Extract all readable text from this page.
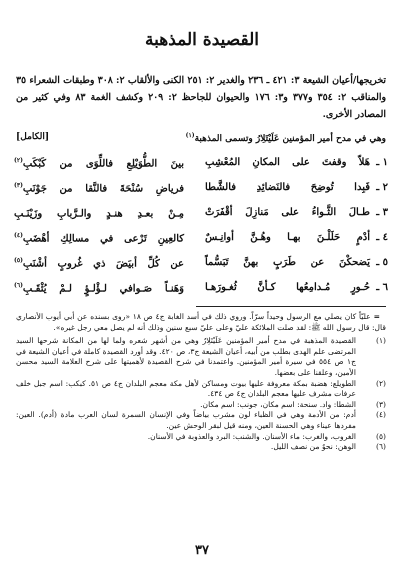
القصيدة المذهبة
تخريجها/أعيان الشيعة ٣: ٤٢١ ـ ٢٣٦ والغدير ٢: ٢٥١ الكنى والألقاب ٢: ٣٠٨ وطبقات الشعراء ٣٥ والمناقب ٢: ٣٥٤ و٣٧٧ و٣: ١٧٦ والحيوان للجاحظ ٢: ٢٠٩ وكشف الغمة ٨٣ وفي كثير من المصادر الأخرى.
وهي في مدح أمير المؤمنين عَلَيْتَلِارُ وتسمى المذهبة$^{(١)}$
[الكامل]
١ ـ
هَلاّ وقفتَ على المكانِ المُعْشِبِ
بينَ الطُّوَيْلِعِ فاللِّوَى من كَبْكَبِ$^{(٢)}$
٢ ـ
فَبِدا تُوضِحَ فالنَضائِدِ فالشَّطا
فرياضِ سُنْحَةَ فالنَّقا من جَوْنَبِ$^{(٣)}$
٣ ـ
طـالَ الثَّـواءُ على مَنازِلَ أقْفَرَتْ
مِـنْ بعـدِ هنـدٍ والـرَّبابِ وزَيْنَـبِ
٤ ـ
أدْمٍ حَلَلْـنَ بهـا وهُـنَّ أوانِـسٌ
كالعِينِ تَرْعى في مسالِكِ أهْضَبِ$^{(٤)}$
٥ ـ
يَضحكْنَ عن طَرَبٍ بهنَّ تَبَسُّماً
عن كُلِّ أبيَضَ ذي غُروبٍ أشْنَبِ$^{(٥)}$
٦ ـ
حُـورٍ مُـدامِعُها كـأنَّ ثُغـورَهـا
وَهَنـاً صَـوافي لـؤْلـؤٍ لـمْ يُثْقَـبِ$^{(٦)}$
=عليّاً كان يصلي مع الرسول وحيداً سرّاً. وروي ذلك في أسد الغابة ج٤ ص ١٨ «روى بسنده عن أبي أيوب الأنصاري قال: قال رسول الله ﷺ: لقد صلت الملائكة عليّ وعلى عليّ سبع سنين وذلك أنه لم يصل معي رجل غيره».
(١)
القصيدة المذهبة في مدح أمير المؤمنين عَلَيْتَلِارُ وهي من أشهر شعره ولما لها من المكانة شرحها السيد المرتضى علم الهدى بطلب من أبيه، أعيان الشيعة ج٣، ص ٤٢٠. وقد أورد القصيدة كاملة في أعيان الشيعة في ج١ ص ٥٥٤ في سيرة أمير المؤمنين. واعتمدنا في شرح القصيدة لأهميتها على شرح العلامة السيد محسن الأمين، وعلقنا على بعضها.
(٢)
الطويلع: هضبة بمكة معروفة عليها بيوت ومساكن لأهل مكة معجم البلدان ج٤ ص ٥١. كبكب: اسم جبل خلف عرفات مشرف عليها معجم البلدان ج٤ ص ٤٣٤.
(٣)
الشطا: واد. سنحة: اسم مكان، جونب: اسم مكان.
(٤)
أدم: من الأدمة وهي في الظباء لون مشرب بياضاً وفي الإنسان السمرة لسان العرب مادة (أدم). العين: مفردها عيناء وهي الحسنة العين، ومنه قيل لبقر الوحش عين.
(٥)
الغروب، والغرب: ماء الأسنان. والشنب: البرد والعذوبة في الأسنان.
(٦)
الوهن: نحوٌ من نصف الليل.
٣٧
